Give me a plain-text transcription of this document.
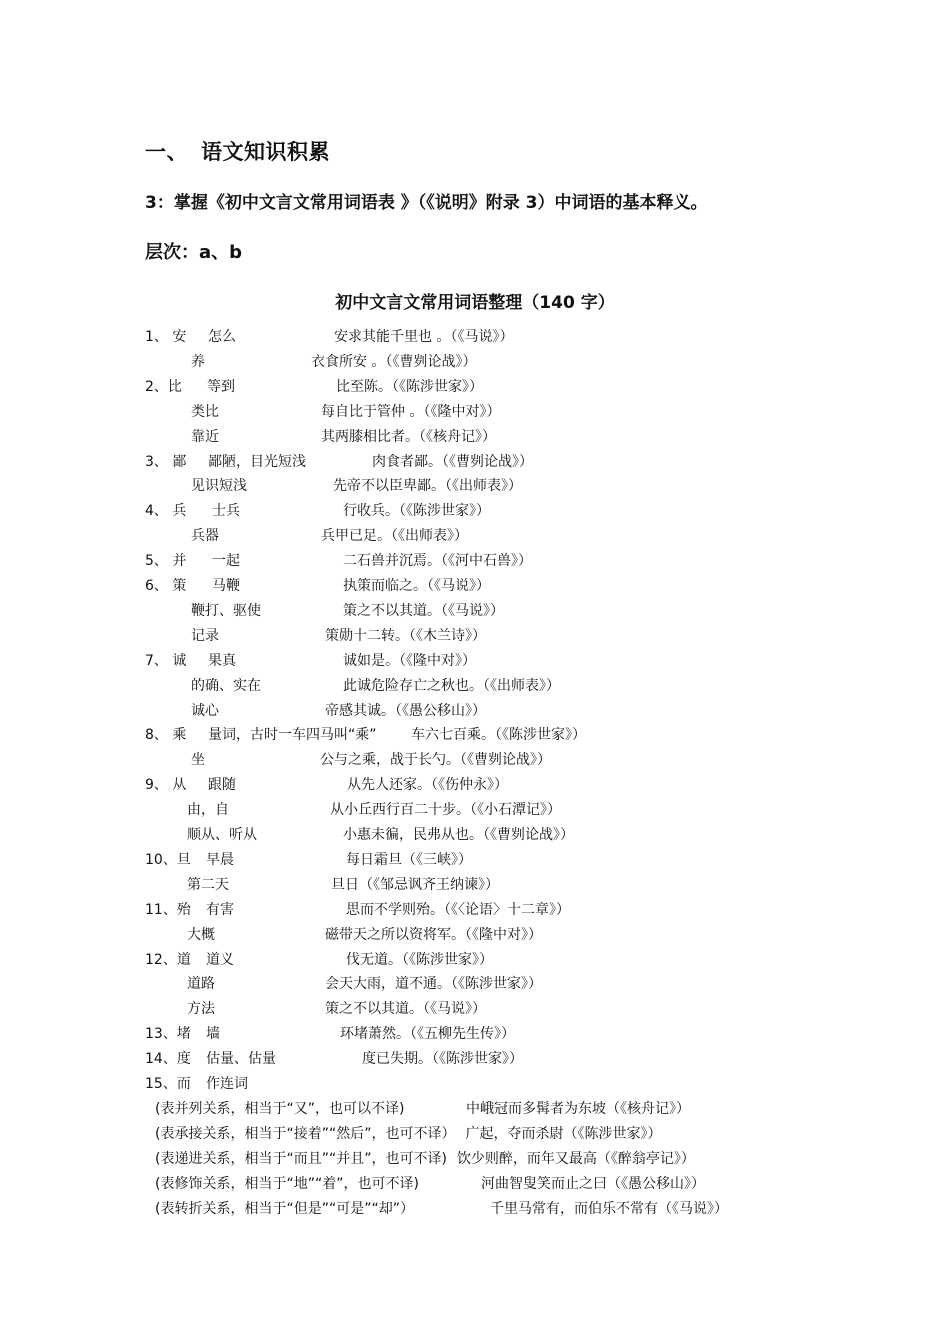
一、 语文知识积累
3：掌握《初中文言文常用词语表 》（《说明》附录 3）中词语的基本释义。
层次：a、b
初中文言文常用词语整理（140 字）
1、 安 怎么	安求其能千里也 。（《马说》）
养	衣食所安 。（《曹刿论战》）
2、比 等到	比至陈。（《陈涉世家》）
类比	每自比于管仲 。（《隆中对》）
靠近	其两膝相比者。（《核舟记》）
3、 鄙 鄙陋，目光短浅	肉食者鄙。（《曹刿论战》）
见识短浅	先帝不以臣卑鄙。（《出师表》）
4、 兵 士兵	行收兵。（《陈涉世家》）
兵器	兵甲已足。（《出师表》）
5、 并 一起	二石兽并沉焉。（《河中石兽》）
6、 策 马鞭	执策而临之。（《马说》）
鞭打、驱使	策之不以其道。（《马说》）
记录	策勋十二转。（《木兰诗》）
7、 诚 果真	诚如是。（《隆中对》）
的确、实在	此诚危险存亡之秋也。（《出师表》）
诚心	帝感其诚。（《愚公移山》）
8、 乘 量词，古时一车四马叫“乘” 车六七百乘。（《陈涉世家》）
坐	公与之乘，战于长勺。（《曹刿论战》）
9、 从 跟随	从先人还家。（《伤仲永》）
由，自	从小丘西行百二十步。（《小石潭记》）
顺从、听从	小惠未徧，民弗从也。（《曹刿论战》）
10、旦 早晨	每日霜旦（《三峡》）
第二天	旦日（《邹忌讽齐王纳谏》）
11、殆 有害	思而不学则殆。（《〈论语〉十二章》）
大概	磁带天之所以资将军。（《隆中对》）
12、道 道义	伐无道。（《陈涉世家》）
道路	会天大雨，道不通。（《陈涉世家》）
方法	策之不以其道。（《马说》）
13、堵 墙	环堵萧然。（《五柳先生传》）
14、度 估量、估量	度已失期。（《陈涉世家》）
15、而 作连词
(表并列关系，相当于“又”，也可以不译)	中峨冠而多髯者为东坡（《核舟记》）
(表承接关系，相当于“接着”“然后”，也可不译） 广起，夺而杀尉（《陈涉世家》）
(表递进关系，相当于“而且”“并且”，也可不译) 饮少则醉，而年又最高（《醉翁亭记》）
(表修饰关系，相当于“地”“着”，也可不译)	河曲智叟笑而止之曰（《愚公移山》）
(表转折关系，相当于“但是”“可是”“却”）	千里马常有，而伯乐不常有（《马说》）
